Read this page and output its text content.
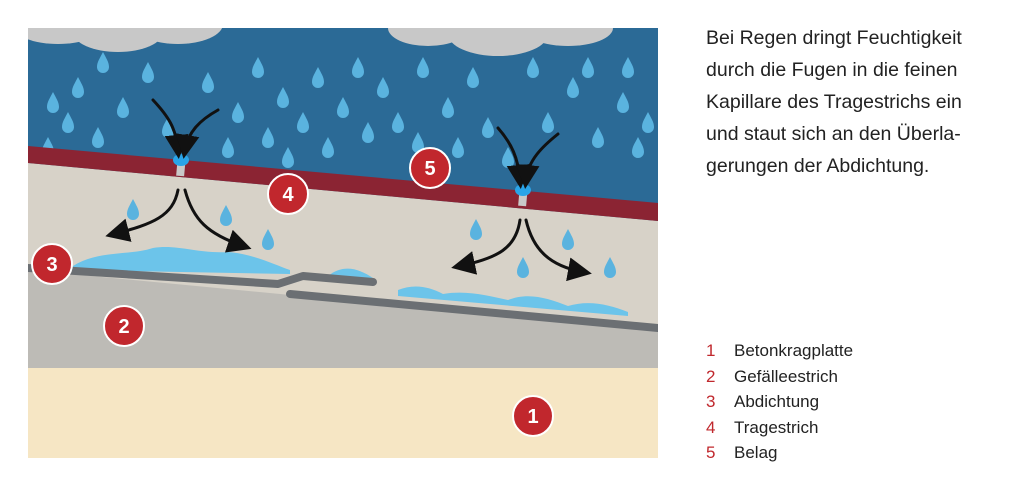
1
2
3
4
5

Bei Regen dringt Feuchtigkeit
durch die Fugen in die feinen
Kapillare des Tragestrichs ein
und staut sich an den Überla-
gerungen der Abdichtung.

1	Betonkragplatte
2	Gefälleestrich
3	Abdichtung
4	Tragestrich
5	Belag
